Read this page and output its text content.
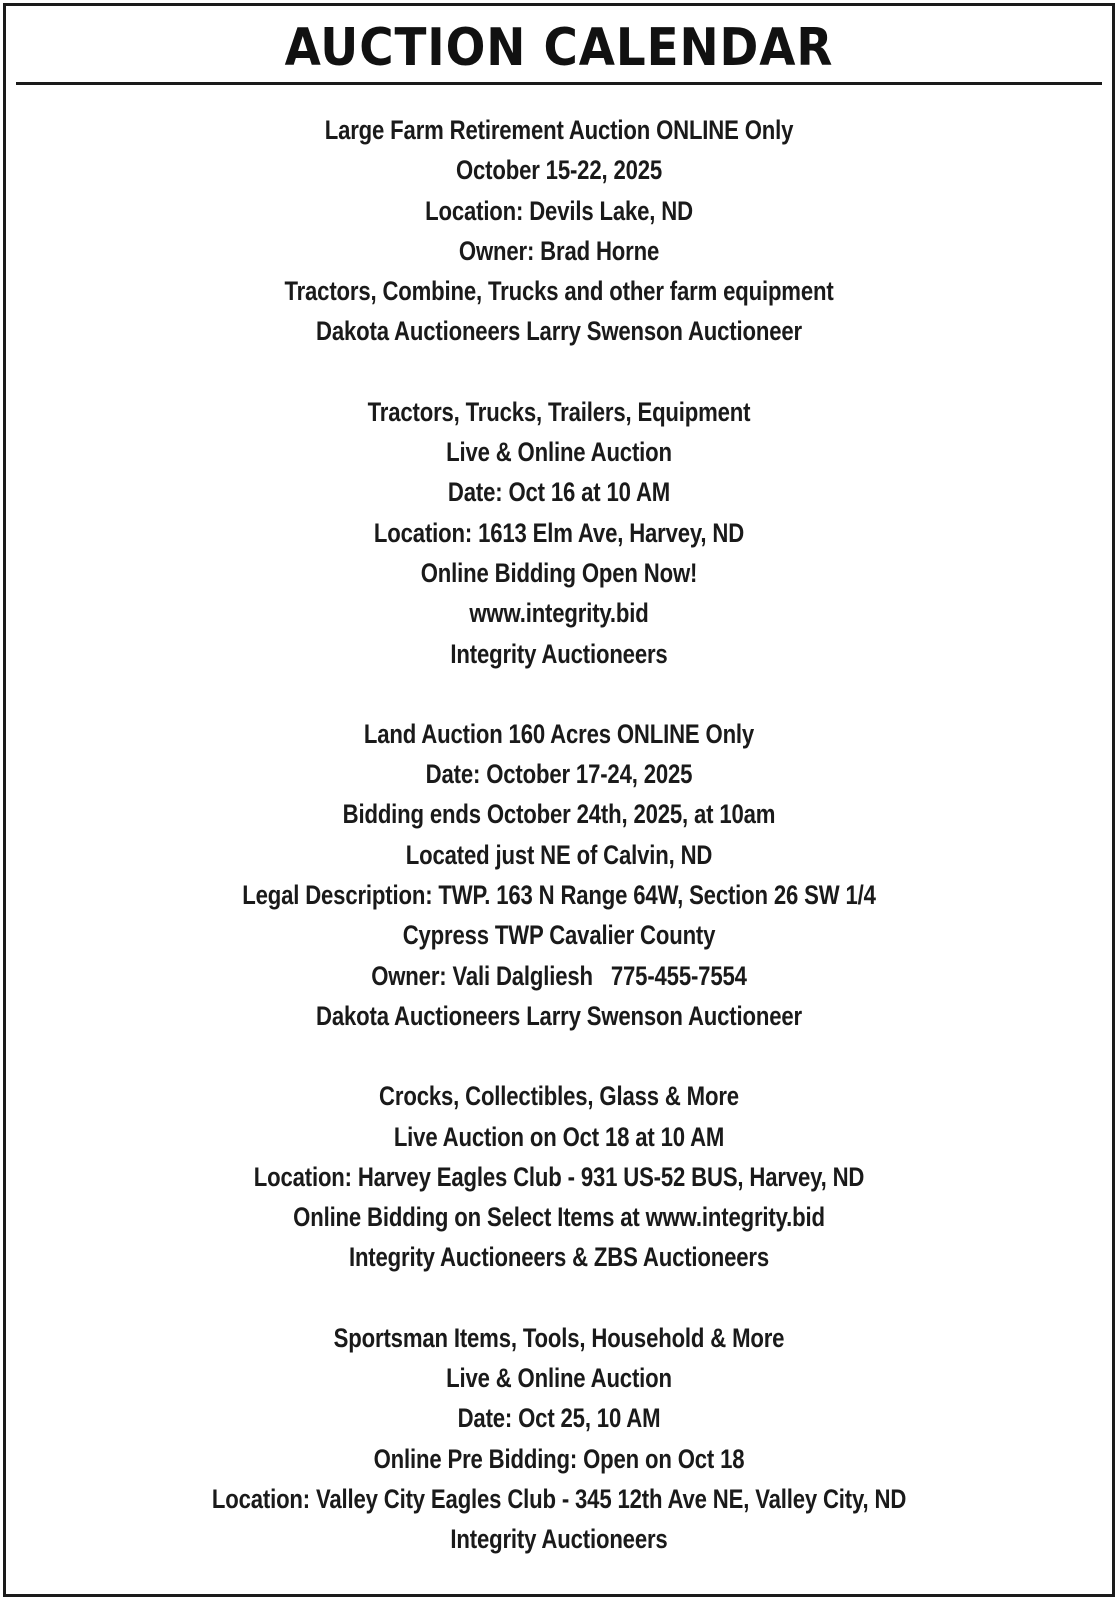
AUCTION CALENDAR
Large Farm Retirement Auction ONLINE Only
October 15-22, 2025
Location: Devils Lake, ND
Owner: Brad Horne
Tractors, Combine, Trucks and other farm equipment
Dakota Auctioneers Larry Swenson Auctioneer
Tractors, Trucks, Trailers, Equipment
Live & Online Auction
Date: Oct 16 at 10 AM
Location: 1613 Elm Ave, Harvey, ND
Online Bidding Open Now!
www.integrity.bid
Integrity Auctioneers
Land Auction 160 Acres ONLINE Only
Date: October 17-24, 2025
Bidding ends October 24th, 2025, at 10am
Located just NE of Calvin, ND
Legal Description: TWP. 163 N Range 64W, Section 26 SW 1/4
Cypress TWP Cavalier County
Owner: Vali Dalgliesh   775-455-7554
Dakota Auctioneers Larry Swenson Auctioneer
Crocks, Collectibles, Glass & More
Live Auction on Oct 18 at 10 AM
Location: Harvey Eagles Club - 931 US-52 BUS, Harvey, ND
Online Bidding on Select Items at www.integrity.bid
Integrity Auctioneers & ZBS Auctioneers
Sportsman Items, Tools, Household & More
Live & Online Auction
Date: Oct 25, 10 AM
Online Pre Bidding: Open on Oct 18
Location: Valley City Eagles Club - 345 12th Ave NE, Valley City, ND
Integrity Auctioneers
